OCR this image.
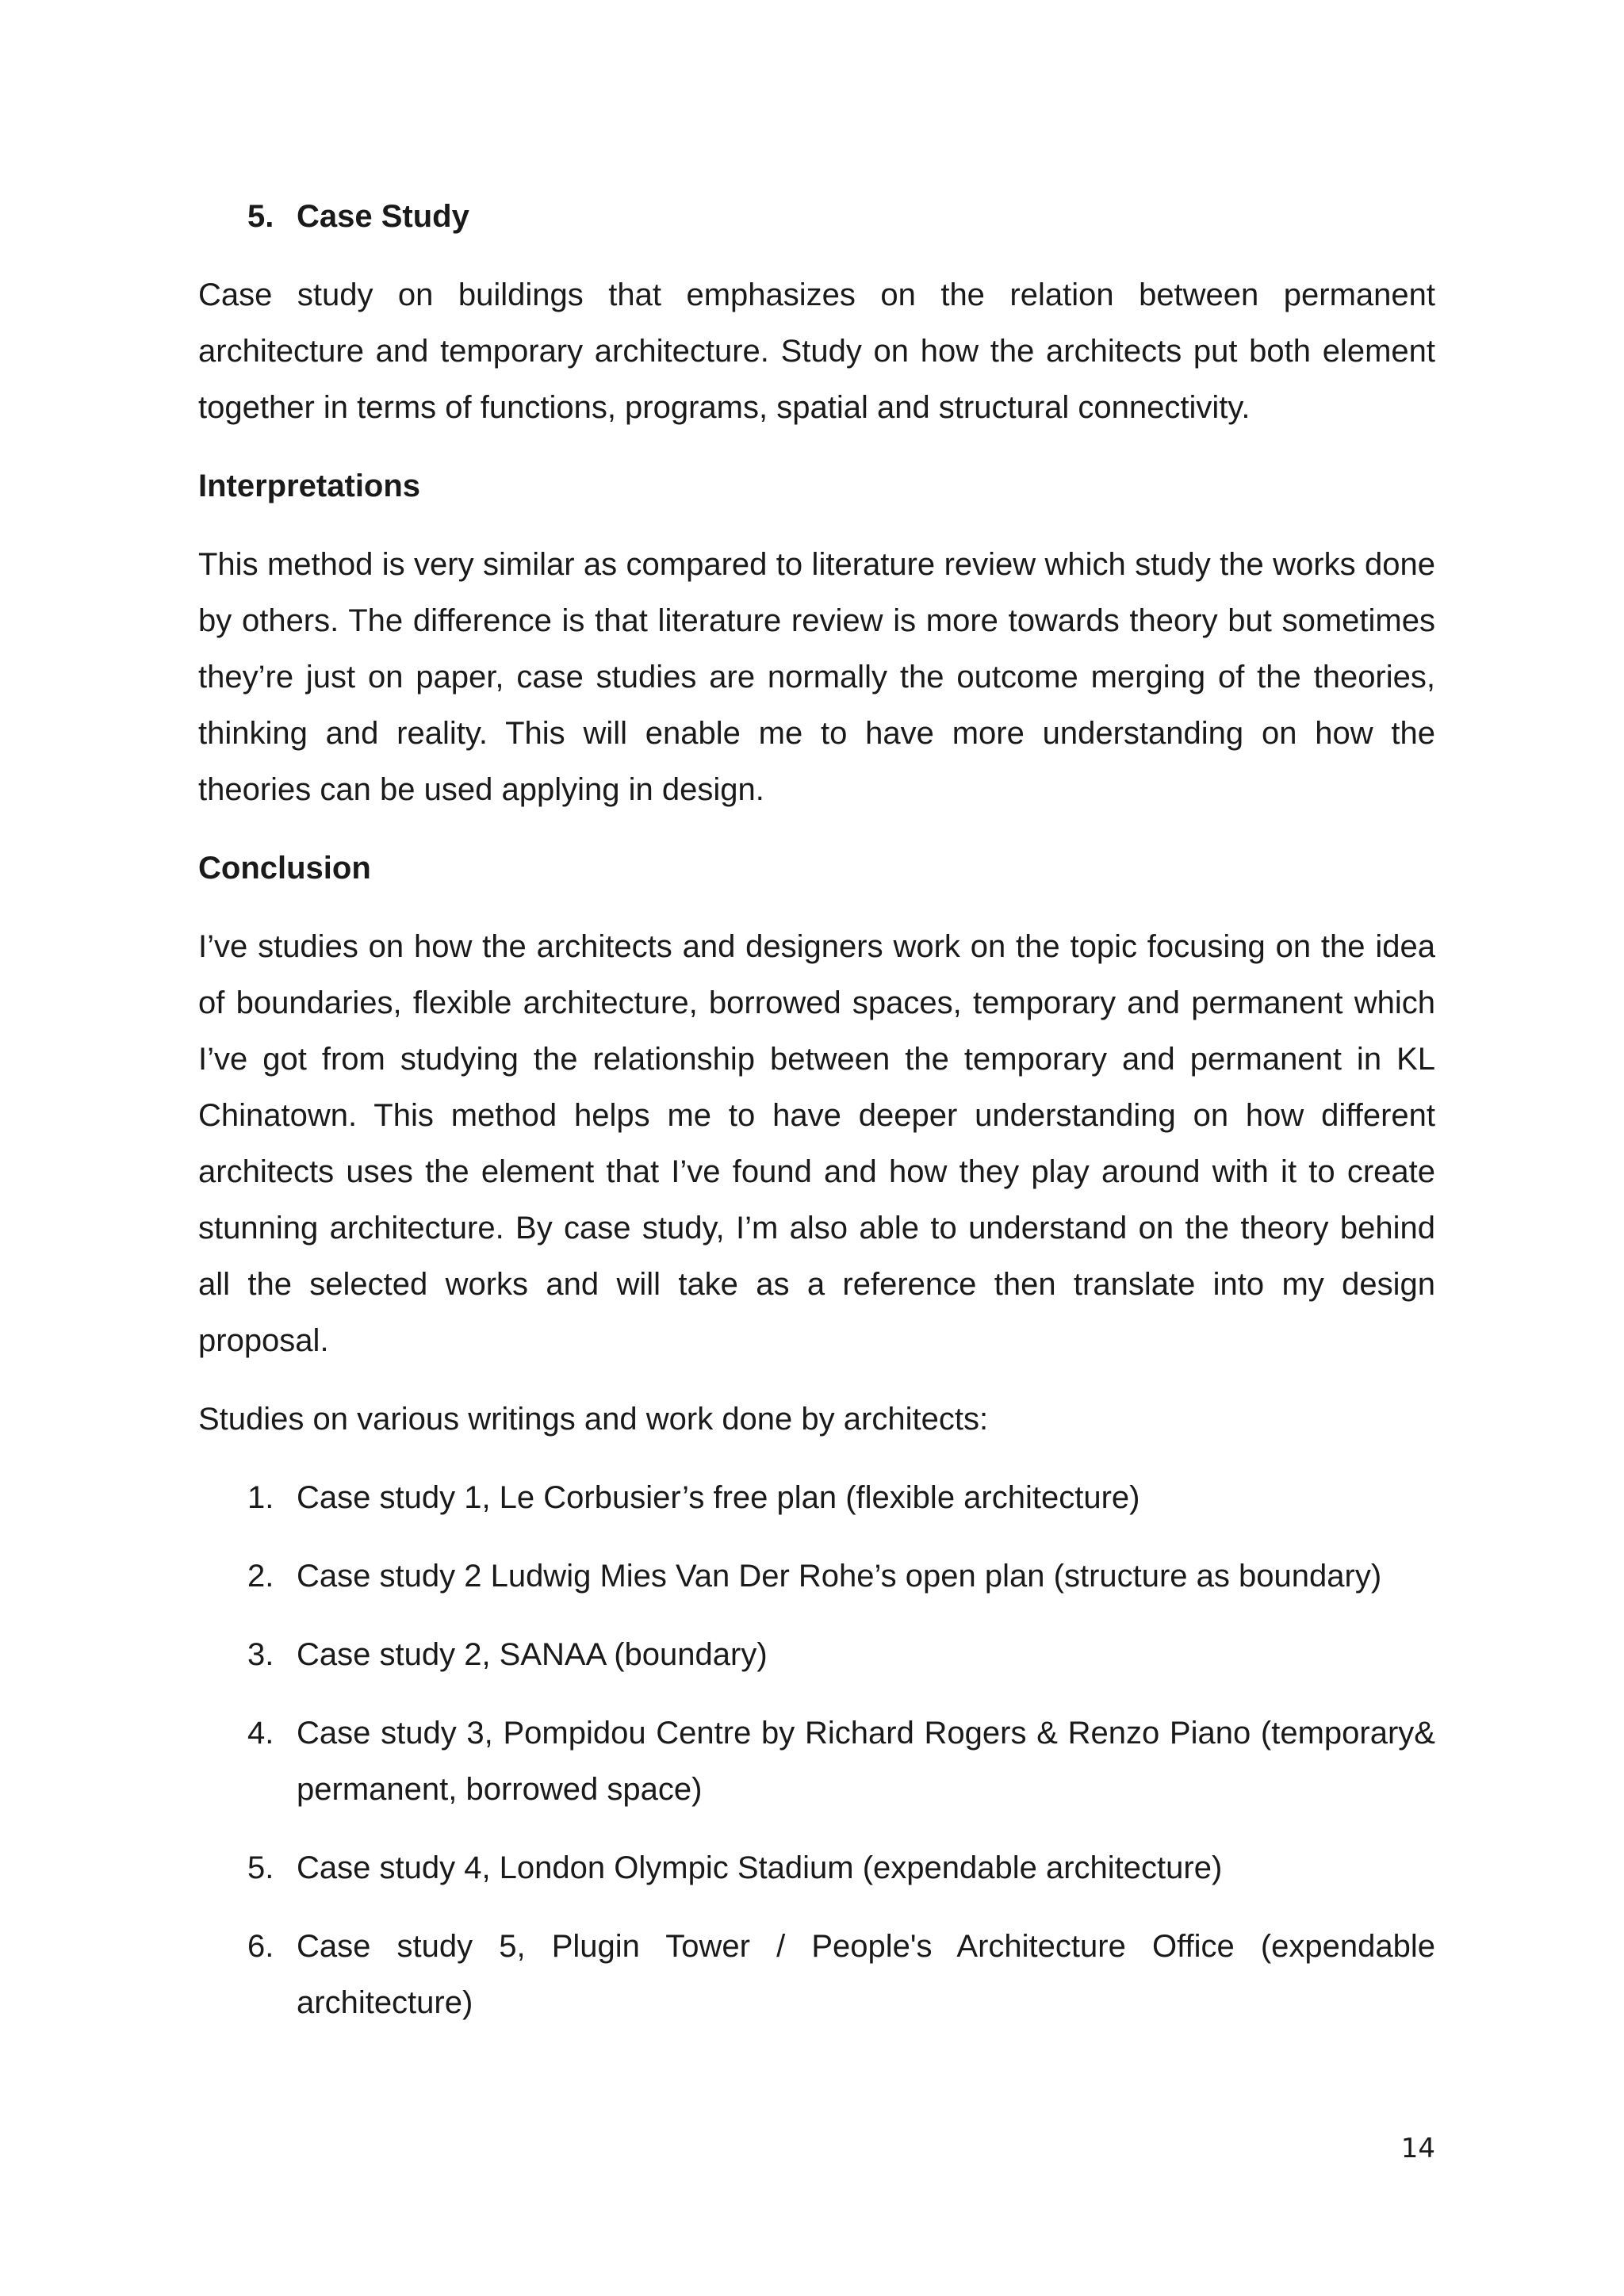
5. Case Study

Case study on buildings that emphasizes on the relation between permanent architecture and temporary architecture. Study on how the architects put both element together in terms of functions, programs, spatial and structural connectivity.

Interpretations

This method is very similar as compared to literature review which study the works done by others. The difference is that literature review is more towards theory but sometimes they’re just on paper, case studies are normally the outcome merging of the theories, thinking and reality. This will enable me to have more understanding on how the theories can be used applying in design.

Conclusion

I’ve studies on how the architects and designers work on the topic focusing on the idea of boundaries, flexible architecture, borrowed spaces, temporary and permanent which I’ve got from studying the relationship between the temporary and permanent in KL Chinatown. This method helps me to have deeper understanding on how different architects uses the element that I’ve found and how they play around with it to create stunning architecture. By case study, I’m also able to understand on the theory behind all the selected works and will take as a reference then translate into my design proposal.

Studies on various writings and work done by architects:

1. Case study 1, Le Corbusier’s free plan (flexible architecture)
2. Case study 2 Ludwig Mies Van Der Rohe’s open plan (structure as boundary)
3. Case study 2, SANAA (boundary)
4. Case study 3, Pompidou Centre by Richard Rogers & Renzo Piano (temporary& permanent, borrowed space)
5. Case study 4, London Olympic Stadium (expendable architecture)
6. Case study 5, Plugin Tower / People's Architecture Office (expendable architecture)
14
